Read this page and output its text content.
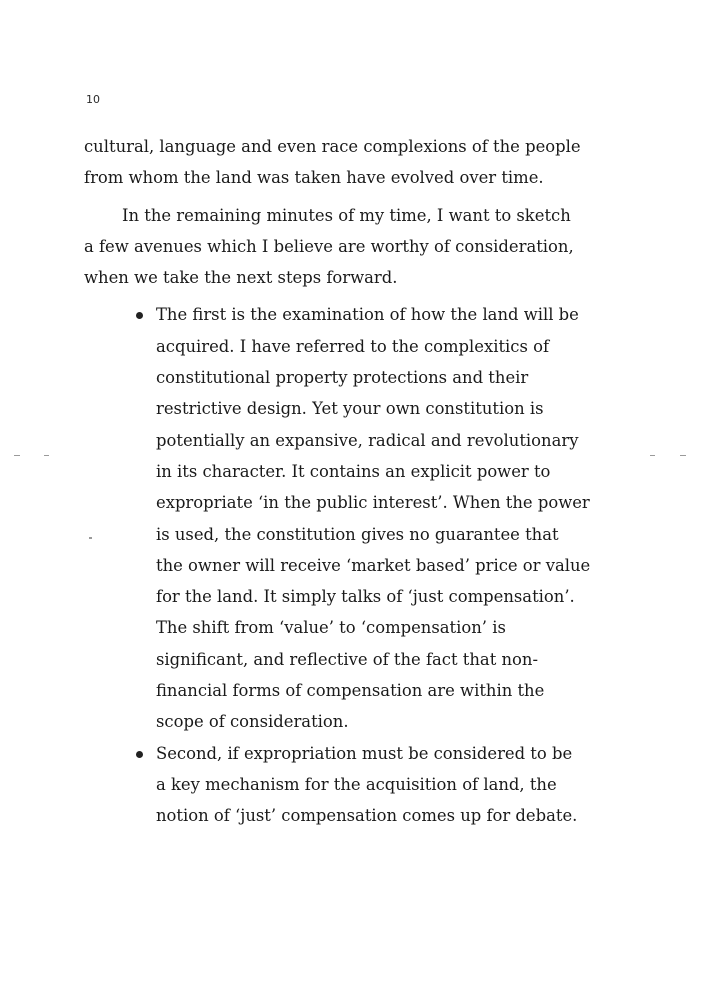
10

cultural, language and even race complexions of the people
from whom the land was taken have evolved over time.

In the remaining minutes of my time, I want to sketch
a few avenues which I believe are worthy of consideration,
when we take the next steps forward.

The first is the examination of how the land will be
acquired. I have referred to the complexitics of
constitutional property protections and their
restrictive design. Yet your own constitution is
potentially an expansive, radical and revolutionary
in its character. It contains an explicit power to
expropriate ‘in the public interest’. When the power
is used, the constitution gives no guarantee that
the owner will receive ‘market based’ price or value
for the land. It simply talks of ‘just compensation’.
The shift from ‘value’ to ‘compensation’ is
significant, and reflective of the fact that non-
financial forms of compensation are within the
scope of consideration.
Second, if expropriation must be considered to be
a key mechanism for the acquisition of land, the
notion of ‘just’ compensation comes up for debate.
